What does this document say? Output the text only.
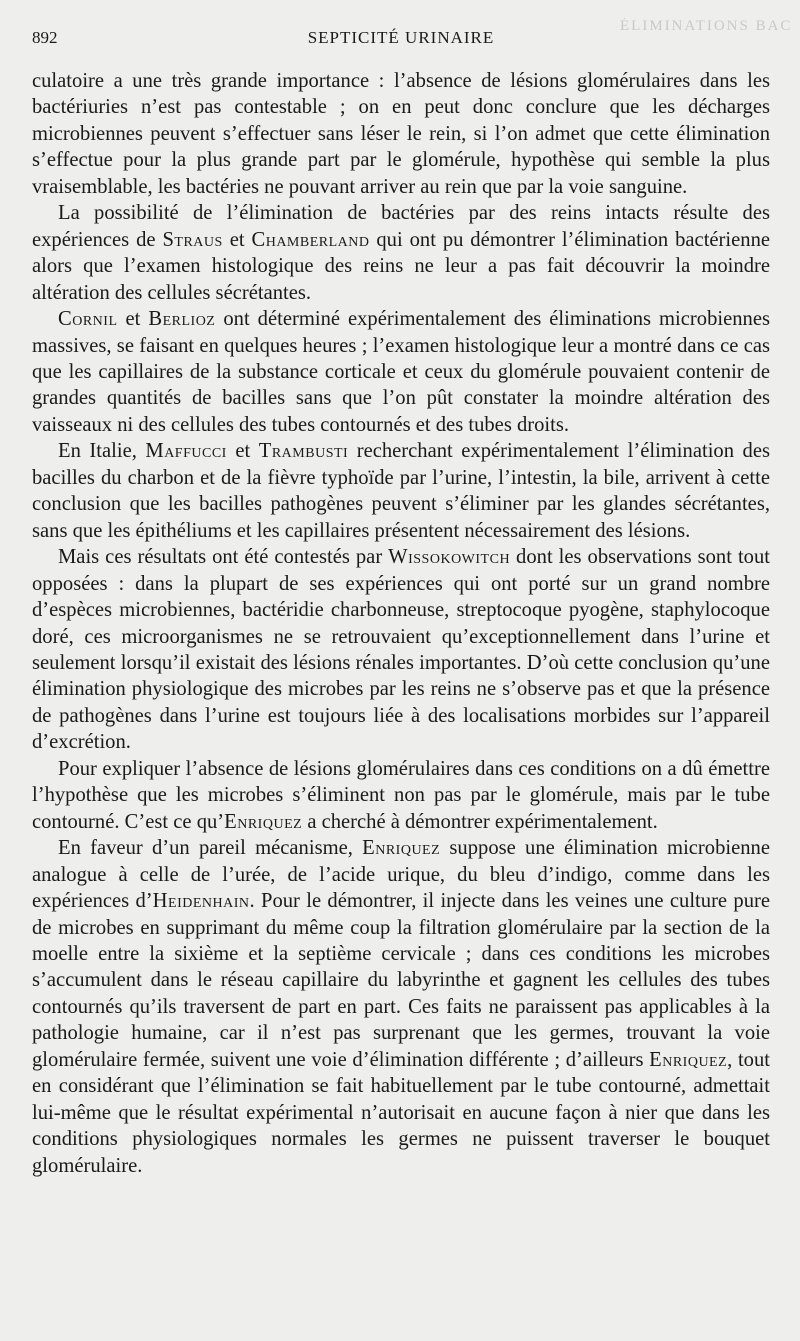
ÉLIMINATIONS BAC
892	SEPTICITÉ URINAIRE

culatoire a une très grande importance : l’absence de lésions glomérulaires dans les bactériuries n’est pas contestable ; on en peut donc conclure que les décharges microbiennes peuvent s’effectuer sans léser le rein, si l’on admet que cette élimination s’effectue pour la plus grande part par le glomérule, hypothèse qui semble la plus vraisemblable, les bactéries ne pouvant arriver au rein que par la voie sanguine.

La possibilité de l’élimination de bactéries par des reins intacts résulte des expériences de Straus et Chamberland qui ont pu démontrer l’élimination bactérienne alors que l’examen histologique des reins ne leur a pas fait découvrir la moindre altération des cellules sécrétantes.

Cornil et Berlioz ont déterminé expérimentalement des éliminations microbiennes massives, se faisant en quelques heures ; l’examen histologique leur a montré dans ce cas que les capillaires de la substance corticale et ceux du glomérule pouvaient contenir de grandes quantités de bacilles sans que l’on pût constater la moindre altération des vaisseaux ni des cellules des tubes contournés et des tubes droits.

En Italie, Maffucci et Trambusti recherchant expérimentalement l’élimination des bacilles du charbon et de la fièvre typhoïde par l’urine, l’intestin, la bile, arrivent à cette conclusion que les bacilles pathogènes peuvent s’éliminer par les glandes sécrétantes, sans que les épithéliums et les capillaires présentent nécessairement des lésions.

Mais ces résultats ont été contestés par Wissokowitch dont les observations sont tout opposées : dans la plupart de ses expériences qui ont porté sur un grand nombre d’espèces microbiennes, bactéridie charbonneuse, streptocoque pyogène, staphylocoque doré, ces microorganismes ne se retrouvaient qu’exceptionnellement dans l’urine et seulement lorsqu’il existait des lésions rénales importantes. D’où cette conclusion qu’une élimination physiologique des microbes par les reins ne s’observe pas et que la présence de pathogènes dans l’urine est toujours liée à des localisations morbides sur l’appareil d’excrétion.

Pour expliquer l’absence de lésions glomérulaires dans ces conditions on a dû émettre l’hypothèse que les microbes s’éliminent non pas par le glomérule, mais par le tube contourné. C’est ce qu’Enriquez a cherché à démontrer expérimentalement.

En faveur d’un pareil mécanisme, Enriquez suppose une élimination microbienne analogue à celle de l’urée, de l’acide urique, du bleu d’indigo, comme dans les expériences d’Heidenhain. Pour le démontrer, il injecte dans les veines une culture pure de microbes en supprimant du même coup la filtration glomérulaire par la section de la moelle entre la sixième et la septième cervicale ; dans ces conditions les microbes s’accumulent dans le réseau capillaire du labyrinthe et gagnent les cellules des tubes contournés qu’ils traversent de part en part. Ces faits ne paraissent pas applicables à la pathologie humaine, car il n’est pas surprenant que les germes, trouvant la voie glomérulaire fermée, suivent une voie d’élimination différente ; d’ailleurs Enriquez, tout en considérant que l’élimination se fait habituellement par le tube contourné, admettait lui-même que le résultat expérimental n’autorisait en aucune façon à nier que dans les conditions physiologiques normales les germes ne puissent traverser le bouquet glomérulaire.
